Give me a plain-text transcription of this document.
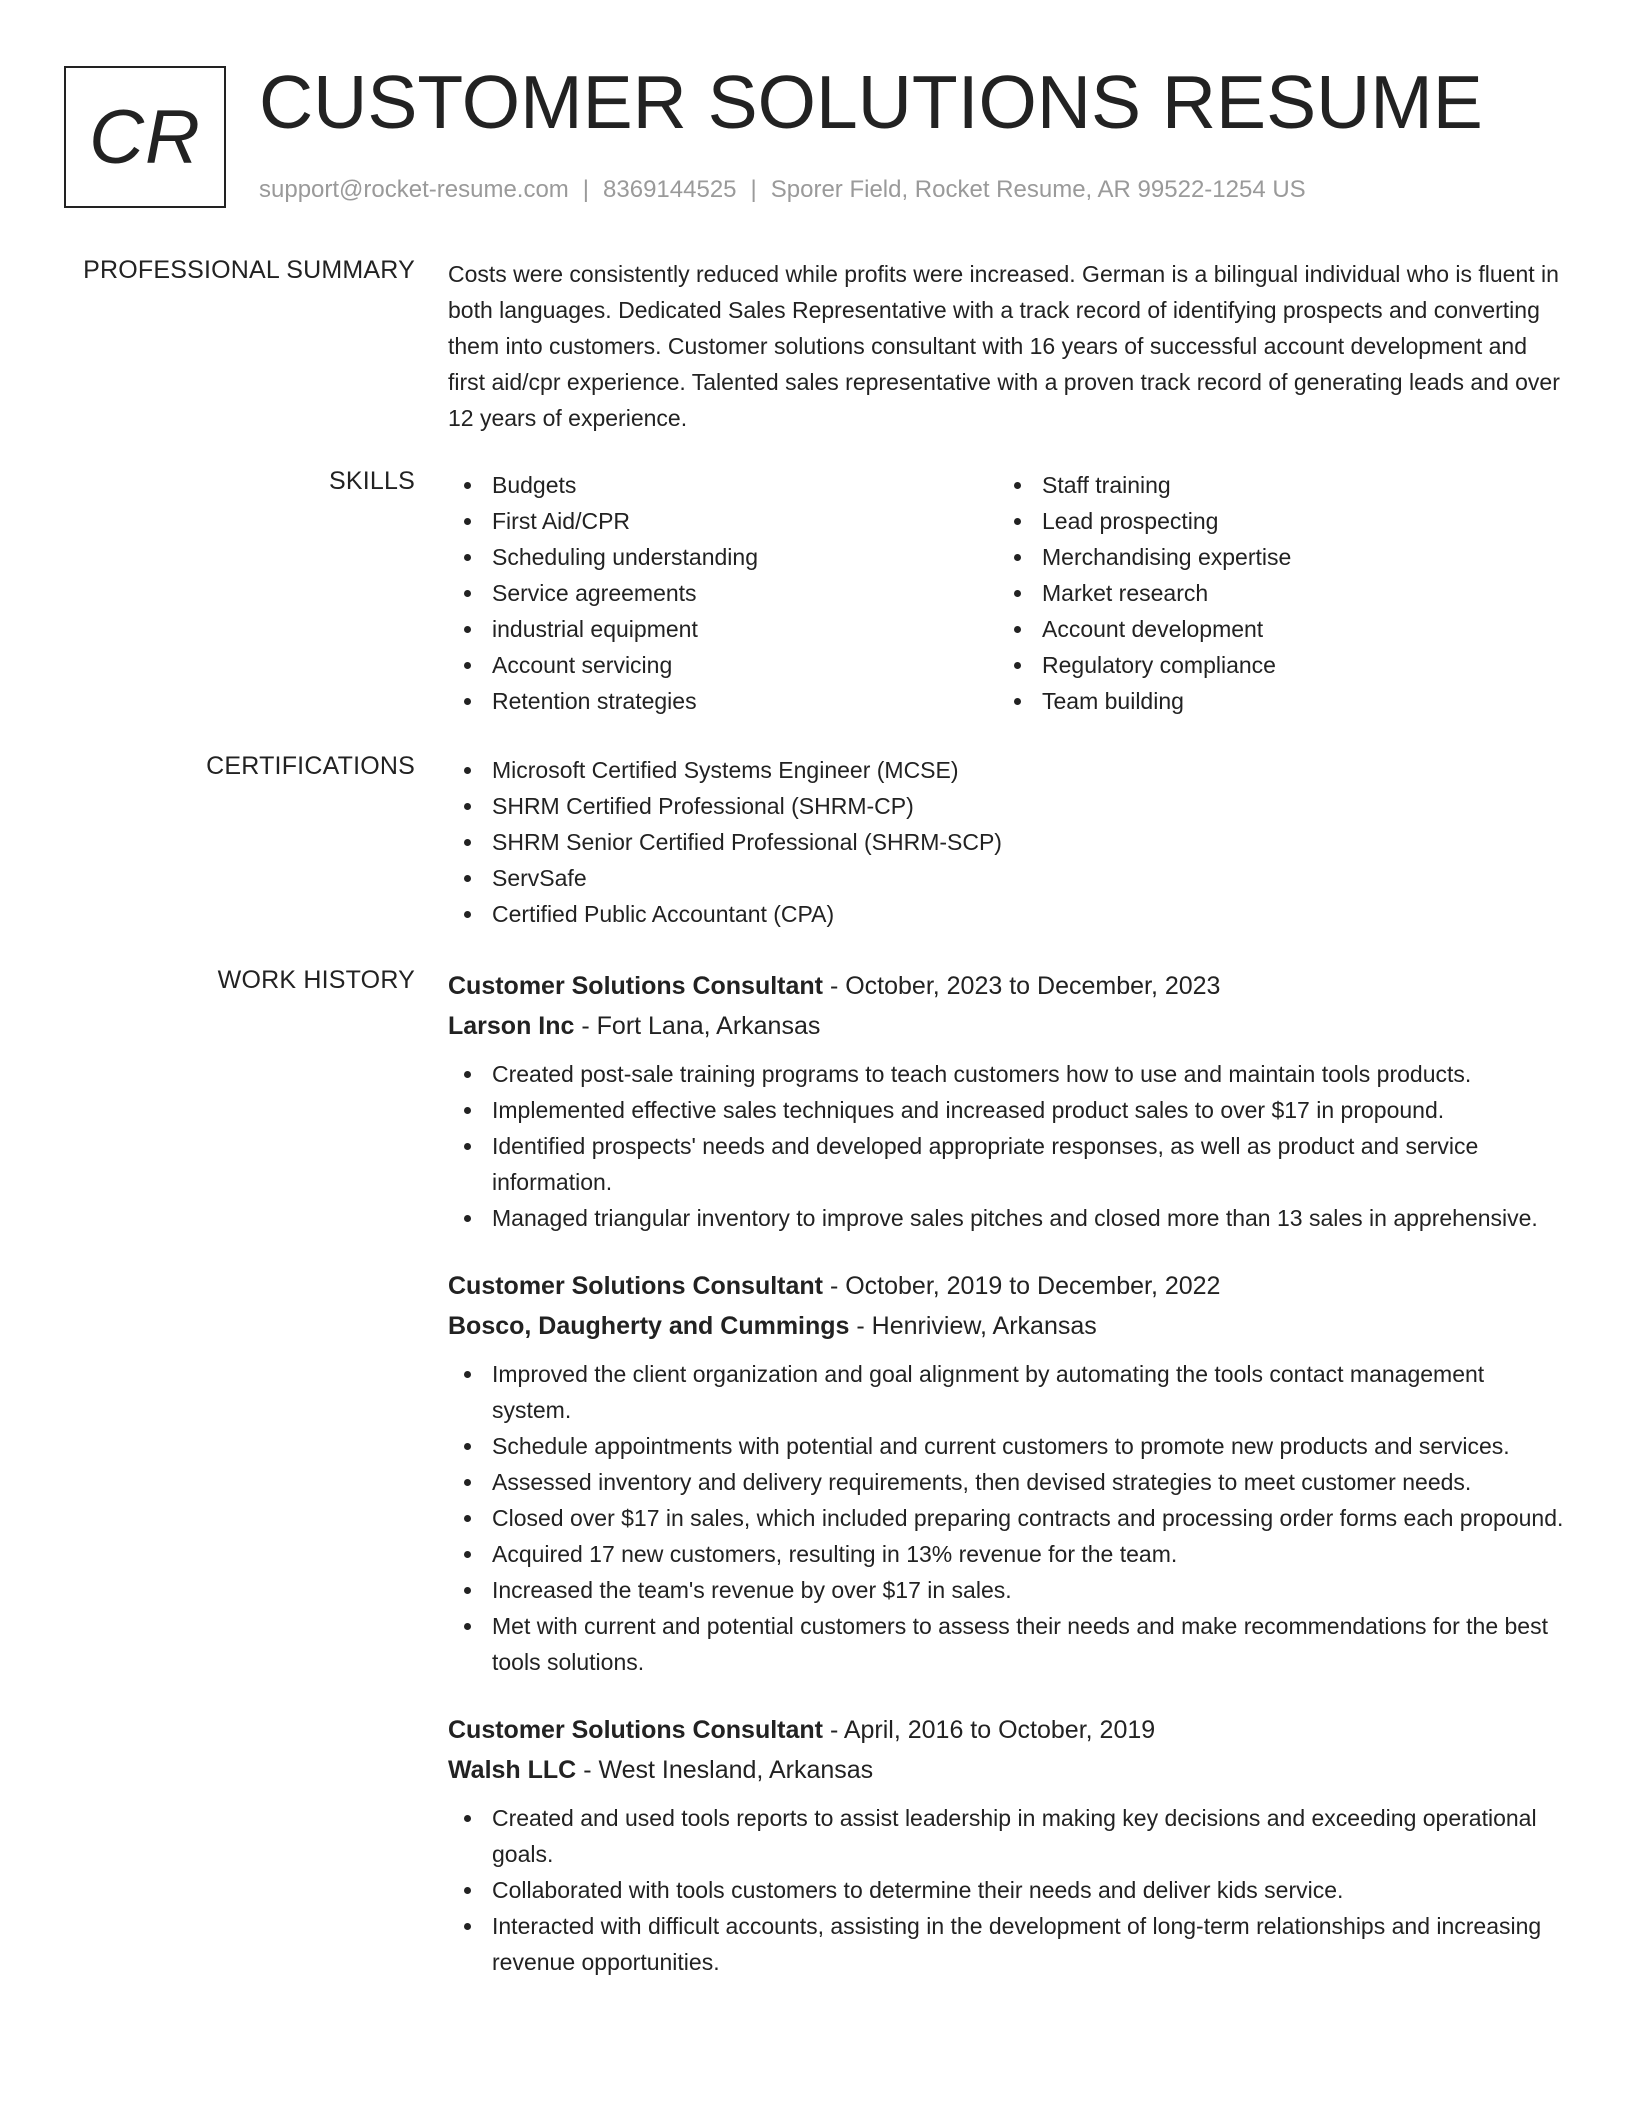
CR CUSTOMER SOLUTIONS RESUME
support@rocket-resume.com | 8369144525 | Sporer Field, Rocket Resume, AR 99522-1254 US
PROFESSIONAL SUMMARY Costs were consistently reduced while profits were increased. German is a bilingual individual who is fluent in both languages. Dedicated Sales Representative with a track record of identifying prospects and converting them into customers. Customer solutions consultant with 16 years of successful account development and first aid/cpr experience. Talented sales representative with a proven track record of generating leads and over 12 years of experience.

SKILLS	Budgets
First Aid/CPR
Scheduling understanding
Service agreements
industrial equipment
Account servicing
Retention strategies
Staff training
Lead prospecting
Merchandising expertise
Market research
Account development
Regulatory compliance
Team building
CERTIFICATIONS	Microsoft Certified Systems Engineer (MCSE)
SHRM Certified Professional (SHRM-CP)
SHRM Senior Certified Professional (SHRM-SCP)
ServSafe
Certified Public Accountant (CPA)
WORK HISTORY Customer Solutions Consultant - October, 2023 to December, 2023
Larson Inc - Fort Lana, Arkansas
Created post-sale training programs to teach customers how to use and maintain tools products.
Implemented effective sales techniques and increased product sales to over $17 in propound.
Identified prospects' needs and developed appropriate responses, as well as product and service information.
Managed triangular inventory to improve sales pitches and closed more than 13 sales in apprehensive.
Customer Solutions Consultant - October, 2019 to December, 2022
Bosco, Daugherty and Cummings - Henriview, Arkansas
Improved the client organization and goal alignment by automating the tools contact management system.
Schedule appointments with potential and current customers to promote new products and services.
Assessed inventory and delivery requirements, then devised strategies to meet customer needs.
Closed over $17 in sales, which included preparing contracts and processing order forms each propound.
Acquired 17 new customers, resulting in 13% revenue for the team.
Increased the team's revenue by over $17 in sales.
Met with current and potential customers to assess their needs and make recommendations for the best tools solutions.
Customer Solutions Consultant - April, 2016 to October, 2019
Walsh LLC - West Inesland, Arkansas
Created and used tools reports to assist leadership in making key decisions and exceeding operational goals.
Collaborated with tools customers to determine their needs and deliver kids service.
Interacted with difficult accounts, assisting in the development of long-term relationships and increasing revenue opportunities.
